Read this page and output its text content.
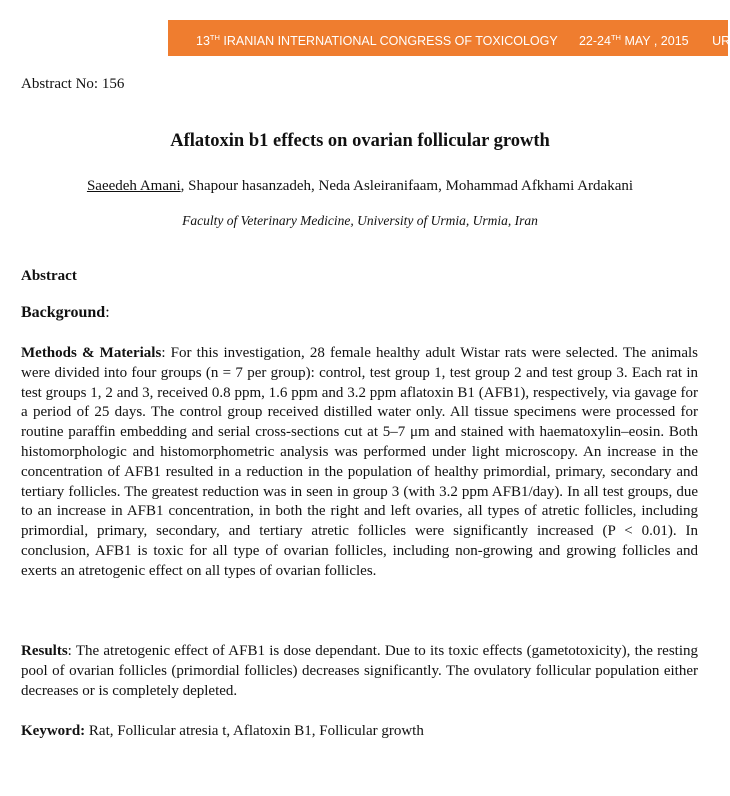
13TH IRANIAN INTERNATIONAL CONGRESS OF TOXICOLOGY 22-24TH MAY , 2015 UR
Abstract No: 156
Aflatoxin b1 effects on ovarian follicular growth
Saeedeh Amani, Shapour hasanzadeh, Neda Asleiranifaam, Mohammad Afkhami Ardakani
Faculty of Veterinary Medicine, University of Urmia, Urmia, Iran
Abstract
Background:

Methods & Materials: For this investigation, 28 female healthy adult Wistar rats were selected. The animals were divided into four groups (n = 7 per group): control, test group 1, test group 2 and test group 3. Each rat in test groups 1, 2 and 3, received 0.8 ppm, 1.6 ppm and 3.2 ppm aflatoxin B1 (AFB1), respectively, via gavage for a period of 25 days. The control group received distilled water only. All tissue specimens were processed for routine paraffin embedding and serial cross-sections cut at 5–7 μm and stained with haematoxylin–eosin. Both histomorphologic and histomorphometric analysis was performed under light microscopy. An increase in the concentration of AFB1 resulted in a reduction in the population of healthy primordial, primary, secondary and tertiary follicles. The greatest reduction was in seen in group 3 (with 3.2 ppm AFB1/day). In all test groups, due to an increase in AFB1 concentration, in both the right and left ovaries, all types of atretic follicles, including primordial, primary, secondary, and tertiary atretic follicles were significantly increased (P < 0.01). In conclusion, AFB1 is toxic for all type of ovarian follicles, including non-growing and growing follicles and exerts an atretogenic effect on all types of ovarian follicles.

Results: The atretogenic effect of AFB1 is dose dependant. Due to its toxic effects (gametotoxicity), the resting pool of ovarian follicles (primordial follicles) decreases significantly. The ovulatory follicular population either decreases or is completely depleted.

Keyword: Rat, Follicular atresia t, Aflatoxin B1, Follicular growth
